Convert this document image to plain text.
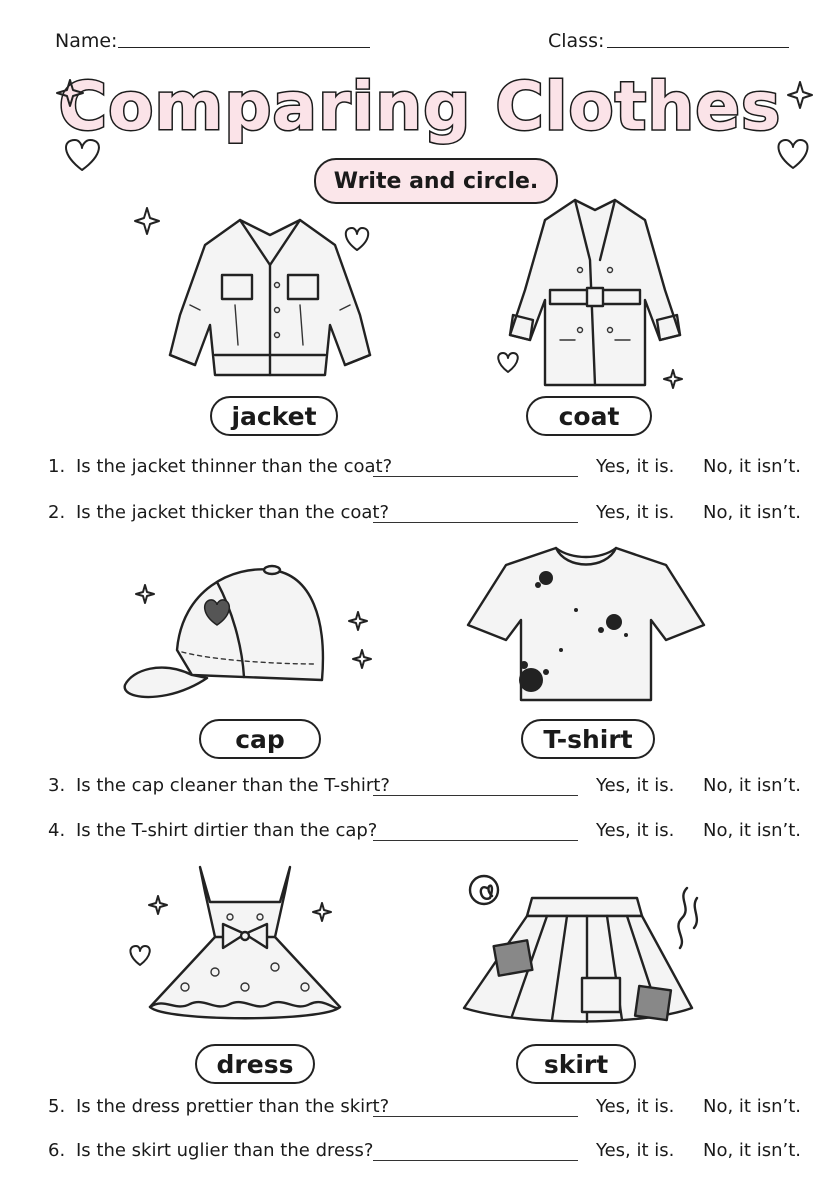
Name:	Class:
Comparing Clothes
Write and circle.
jacket	coat
1. Is the jacket thinner than the coat?	Yes, it is. No, it isn’t.
2. Is the jacket thicker than the coat?	Yes, it is. No, it isn’t.
cap	T-shirt
3. Is the cap cleaner than the T-shirt?	Yes, it is. No, it isn’t.
4. Is the T-shirt dirtier than the cap?	Yes, it is. No, it isn’t.
dress	skirt
5. Is the dress prettier than the skirt?	Yes, it is. No, it isn’t.
6. Is the skirt uglier than the dress?	Yes, it is. No, it isn’t.
